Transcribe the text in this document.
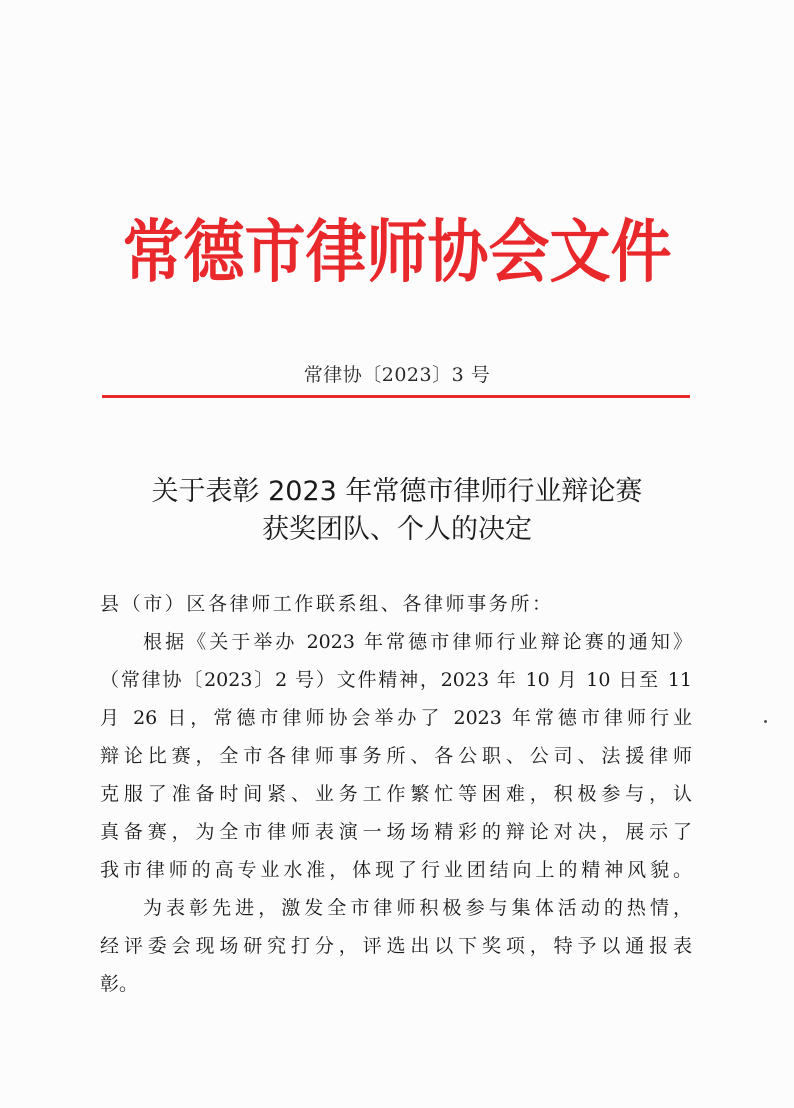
常德市律师协会文件
常律协〔2023〕3 号
关于表彰 2023 年常德市律师行业辩论赛
获奖团队、个人的决定
县（市）区各律师工作联系组、各律师事务所：
根据《关于举办 2023 年常德市律师行业辩论赛的通知》
（常律协〔2023〕2 号）文件精神，2023 年 10 月 10 日至 11
月 26 日，常德市律师协会举办了 2023 年常德市律师行业
辩论比赛，全市各律师事务所、各公职、公司、法援律师
克服了准备时间紧、业务工作繁忙等困难，积极参与，认
真备赛，为全市律师表演一场场精彩的辩论对决，展示了
我市律师的高专业水准，体现了行业团结向上的精神风貌。
为表彰先进，激发全市律师积极参与集体活动的热情，
经评委会现场研究打分，评选出以下奖项，特予以通报表
彰。
